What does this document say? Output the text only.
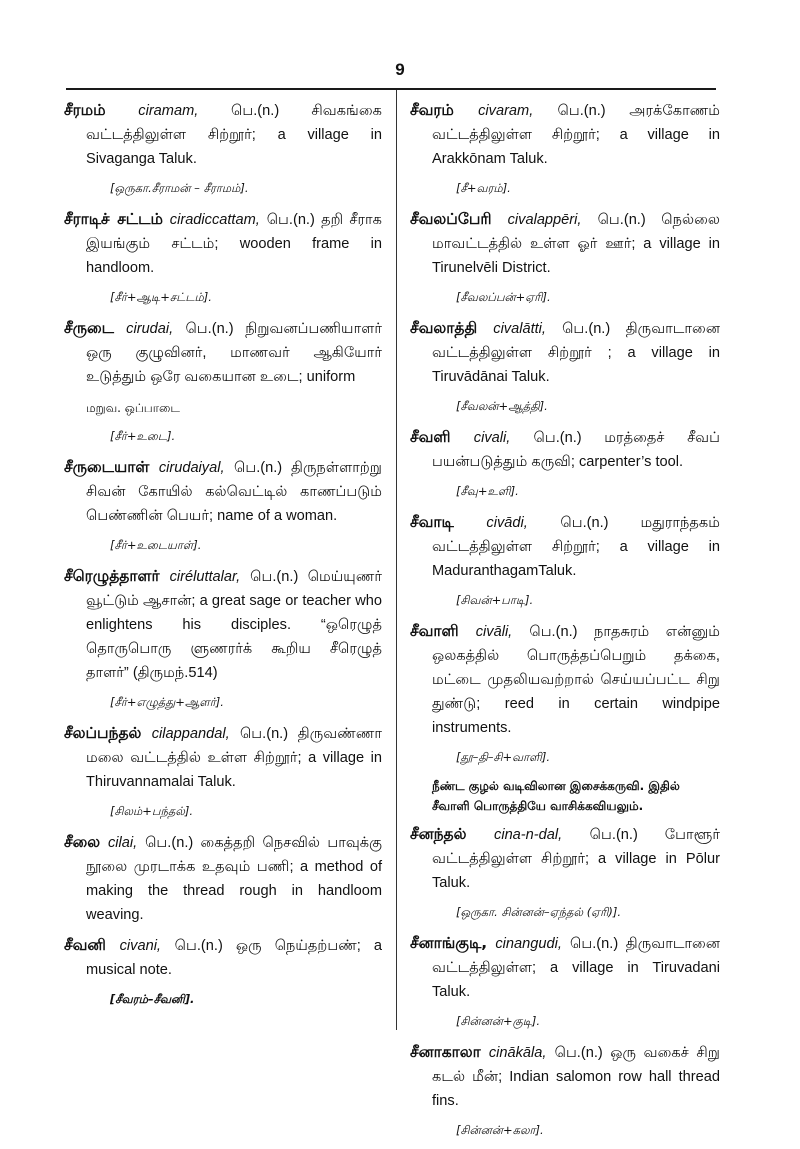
9
சீரமம் ciramam, பெ.(n.) சிவகங்கை வட்டத்திலுள்ள சிற்றூர்; a village in Sivaganga Taluk.
[ஒருகா.சீராமன் – சீராமம்].
சீராடிச் சட்டம் ciradiccattam, பெ.(n.) தறி சீராக இயங்கும் சட்டம்; wooden frame in handloom.
[சீர்+ஆடி+சட்டம்].
சீருடை cirudai, பெ.(n.) நிறுவனப்பணியாளர் ஒரு குழுவினர், மாணவர் ஆகியோர் உடுத்தும் ஒரே வகையான உடை; uniform
மறுவ. ஒப்பாடை
[சீர்+உடை].
சீருடையாள் cirudaiyal, பெ.(n.) திருநள்ளாற்று சிவன் கோயில் கல்வெட்டில் காணப்படும் பெண்ணின் பெயர்; name of a woman.
[சீர்+உடையாள்].
சீரெழுத்தாளர் ciréluttalar, பெ.(n.) மெய்யுணர் வூட்டும் ஆசான்; a great sage or teacher who enlightens his disciples. “ஒரெழுத் தொருபொரு ளுணரர்க் கூறிய சீரெழுத் தாளர்” (திருமந்.514)
[சீர்+எழுத்து+ஆளர்].
சீலப்பந்தல் cilappandal, பெ.(n.) திருவண்ணா மலை வட்டத்தில் உள்ள சிற்றூர்; a village in Thiruvannamalai Taluk.
[சிலம்+பந்தல்].
சீலை cilai, பெ.(n.) கைத்தறி நெசவில் பாவுக்கு நூலை முரடாக்க உதவும் பணி; a method of making the thread rough in handloom weaving.
சீவனி civani, பெ.(n.) ஒரு நெய்தற்பண்; a musical note.
[சீவரம்–சீவனி].
சீவரம் civaram, பெ.(n.) அரக்கோணம் வட்டத்திலுள்ள சிற்றூர்; a village in Arakkōnam Taluk.
[சீ+வரம்].
சீவலப்பேரி civalappēri, பெ.(n.) நெல்லை மாவட்டத்தில் உள்ள ஓர் ஊர்; a village in Tirunelvēli District.
[சீவலப்பன்+ஏரி].
சீவலாத்தி civalātti, பெ.(n.) திருவாடானை வட்டத்திலுள்ள சிற்றூர் ; a village in Tiruvādānai Taluk.
[சீவலன்+ஆத்தி].
சீவளி civali, பெ.(n.) மரத்தைச் சீவப் பயன்படுத்தும் கருவி; carpenter’s tool.
[சீவு+உளி].
சீவாடி civādi, பெ.(n.) மதுராந்தகம் வட்டத்திலுள்ள சிற்றூர்; a village in MaduranthagamTaluk.
[சிவன்+பாடி].
சீவாளி civāli, பெ.(n.) நாதசுரம் என்னும் ஒலகத்தில் பொருத்தப்பெறும் தக்கை, மட்டை முதலியவற்றால் செய்யப்பட்ட சிறு துண்டு; reed in certain windpipe instruments.
[தூ–தி–சி+வாளி].
நீண்ட குழல் வடிவிலான இசைக்கருவி. இதில் சீவாளி பொருத்தியே வாசிக்கவியலும்.
சீனந்தல் cina-n-dal, பெ.(n.) போளூர் வட்டத்திலுள்ள சிற்றூர்; a village in Pōlur Taluk.
[ஒருகா. சின்னன்–ஏந்தல் (ஏரி)].
சீனாங்குடி, cinangudi, பெ.(n.) திருவாடானை வட்டத்திலுள்ள; a village in Tiruvadani Taluk.
[சின்னன்+குடி].
சீனாகாலா cinākāla, பெ.(n.) ஒரு வகைச் சிறு கடல் மீன்; Indian salomon row hall thread fins.
[சின்னன்+கலா].
